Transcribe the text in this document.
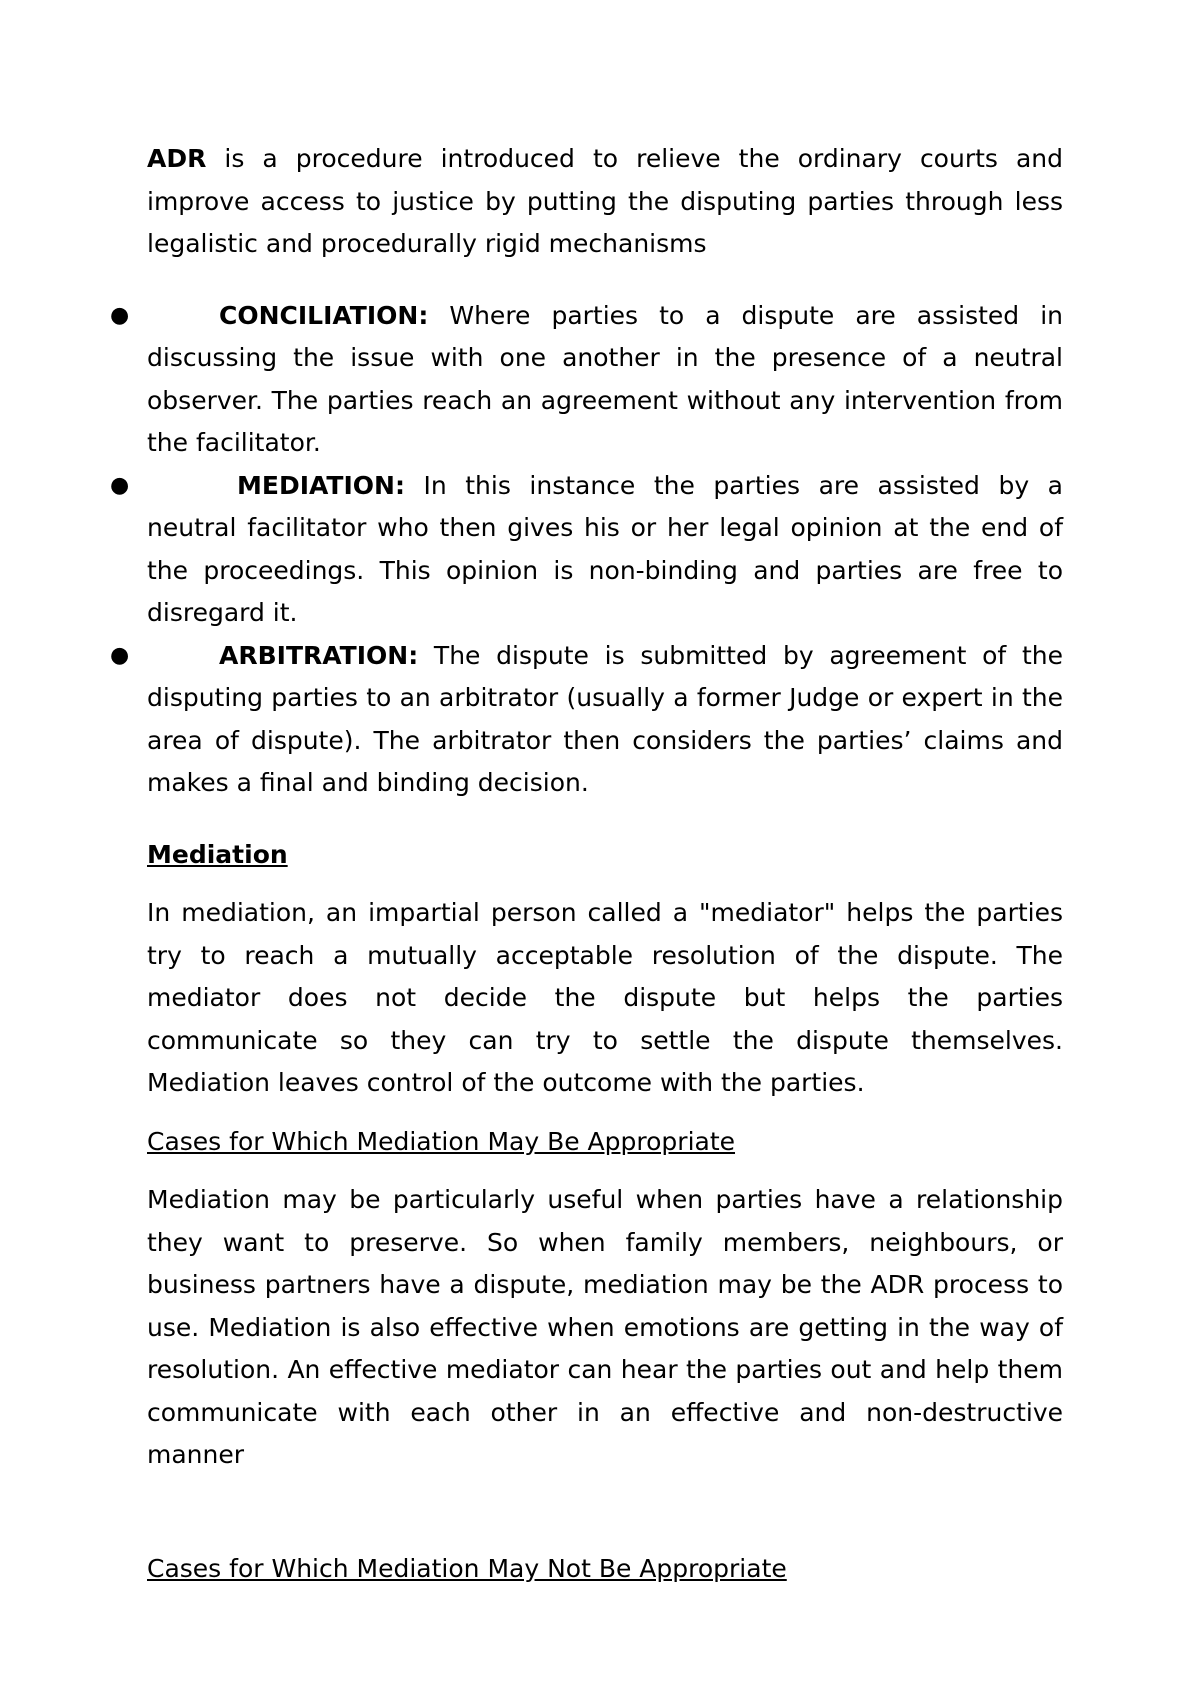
ADR is a procedure introduced to relieve the ordinary courts and improve access to justice by putting the disputing parties through less legalistic and procedurally rigid mechanisms

●	CONCILIATION: Where parties to a dispute are assisted in discussing the issue with one another in the presence of a neutral observer. The parties reach an agreement without any intervention from the facilitator.
●	MEDIATION: In this instance the parties are assisted by a neutral facilitator who then gives his or her legal opinion at the end of the proceedings. This opinion is non-binding and parties are free to disregard it.
●	ARBITRATION: The dispute is submitted by agreement of the disputing parties to an arbitrator (usually a former Judge or expert in the area of dispute). The arbitrator then considers the parties’ claims and makes a final and binding decision.

Mediation

In mediation, an impartial person called a "mediator" helps the parties try to reach a mutually acceptable resolution of the dispute. The mediator does not decide the dispute but helps the parties communicate so they can try to settle the dispute themselves. Mediation leaves control of the outcome with the parties.

Cases for Which Mediation May Be Appropriate

Mediation may be particularly useful when parties have a relationship they want to preserve. So when family members, neighbours, or business partners have a dispute, mediation may be the ADR process to use. Mediation is also effective when emotions are getting in the way of resolution. An effective mediator can hear the parties out and help them communicate with each other in an effective and non-destructive manner

Cases for Which Mediation May Not Be Appropriate
